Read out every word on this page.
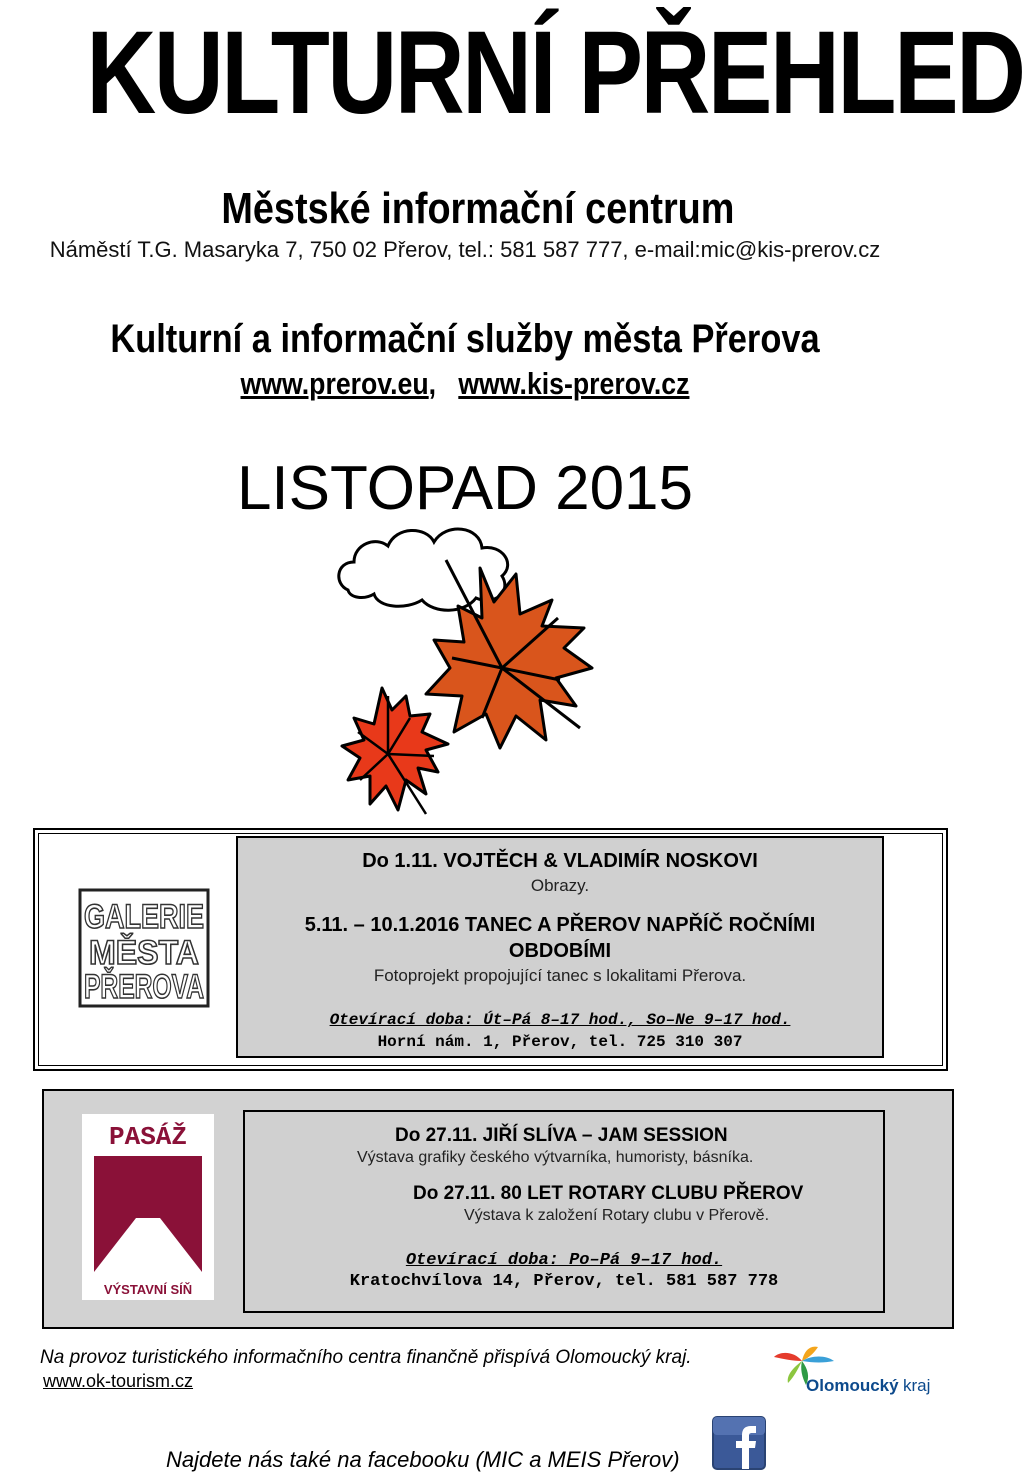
KULTURNÍ PŘEHLED
Městské informační centrum
Náměstí T.G. Masaryka 7, 750 02 Přerov, tel.: 581 587 777, e-mail:mic@kis-prerov.cz
Kulturní a informační služby města Přerova
www.prerov.eu, www.kis-prerov.cz
LISTOPAD 2015
GALERIE
MĚSTA
PŘEROVA
Do 1.11. VOJTĚCH & VLADIMÍR NOSKOVI
Obrazy.
5.11. – 10.1.2016 TANEC A PŘEROV NAPŘÍČ ROČNÍMI
OBDOBÍMI
Fotoprojekt propojující tanec s lokalitami Přerova.
Otevírací doba: Út–Pá 8–17 hod., So–Ne 9–17 hod.
Horní nám. 1, Přerov, tel. 725 310 307
PASÁŽ
VÝSTAVNÍ SÍŇ
Do 27.11. JIŘÍ SLÍVA – JAM SESSION
Výstava grafiky českého výtvarníka, humoristy, básníka.
Do 27.11. 80 LET ROTARY CLUBU PŘEROV
Výstava k založení Rotary clubu v Přerově.
Otevírací doba: Po–Pá 9–17 hod.
Kratochvílova 14, Přerov, tel. 581 587 778
Na provoz turistického informačního centra finančně přispívá Olomoucký kraj.
www.ok-tourism.cz	Olomoucký kraj
Najdete nás také na facebooku (MIC a MEIS Přerov)
